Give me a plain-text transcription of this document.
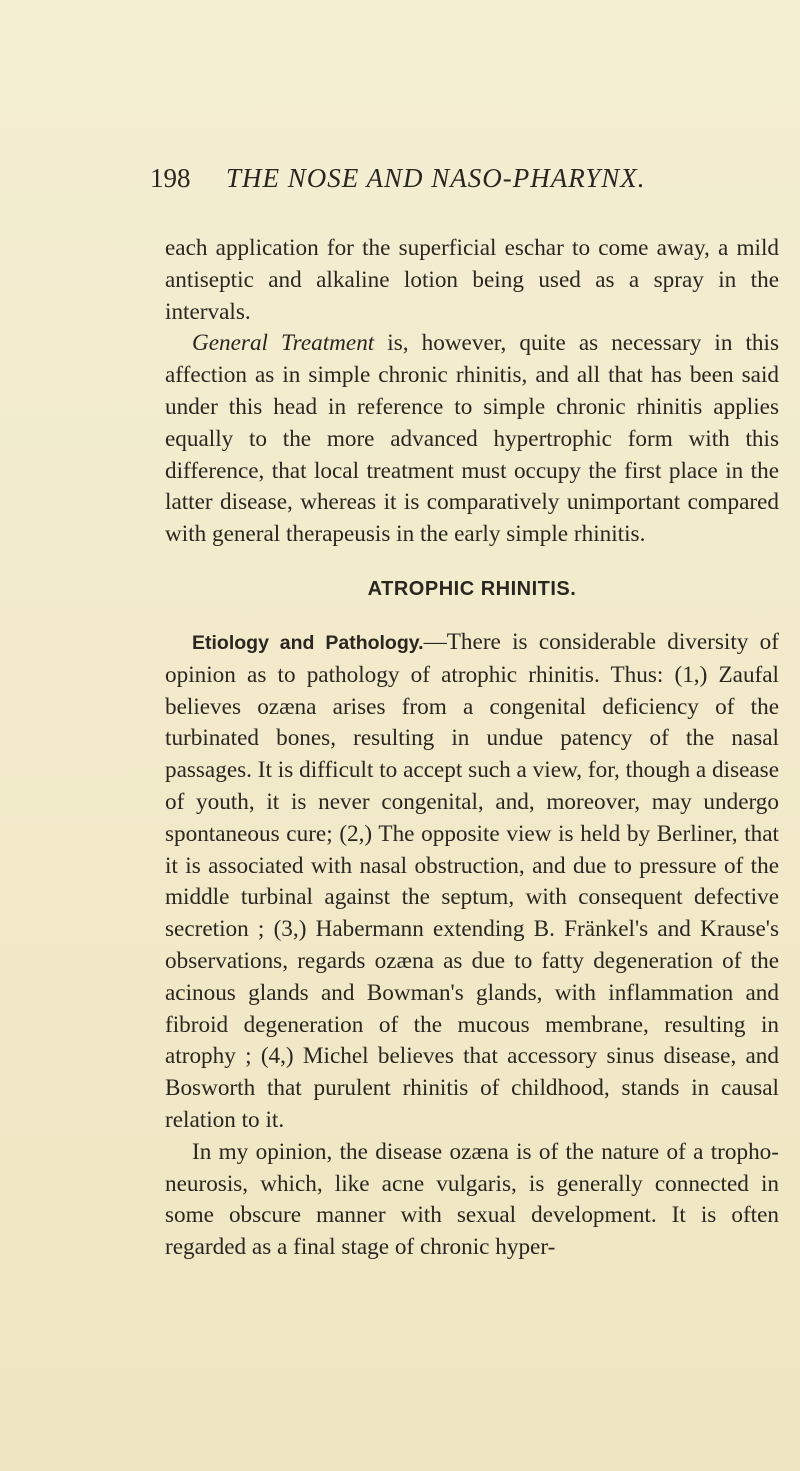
198 THE NOSE AND NASO-PHARYNX.

each application for the superficial eschar to come away, a mild antiseptic and alkaline lotion being used as a spray in the intervals.

General Treatment is, however, quite as necessary in this affection as in simple chronic rhinitis, and all that has been said under this head in reference to simple chronic rhinitis applies equally to the more advanced hypertrophic form with this difference, that local treatment must occupy the first place in the latter disease, whereas it is comparatively unimportant compared with general therapeusis in the early simple rhinitis.

ATROPHIC RHINITIS.

Etiology and Pathology.—There is considerable diversity of opinion as to pathology of atrophic rhinitis. Thus: (1,) Zaufal believes ozæna arises from a congenital deficiency of the turbinated bones, resulting in undue patency of the nasal passages. It is difficult to accept such a view, for, though a disease of youth, it is never congenital, and, moreover, may undergo spontaneous cure; (2,) The opposite view is held by Berliner, that it is associated with nasal obstruction, and due to pressure of the middle turbinal against the septum, with consequent defective secretion ; (3,) Habermann extending B. Fränkel's and Krause's observations, regards ozæna as due to fatty degeneration of the acinous glands and Bowman's glands, with inflammation and fibroid degeneration of the mucous membrane, resulting in atrophy ; (4,) Michel believes that accessory sinus disease, and Bosworth that purulent rhinitis of childhood, stands in causal relation to it.

In my opinion, the disease ozæna is of the nature of a tropho-neurosis, which, like acne vulgaris, is generally connected in some obscure manner with sexual development. It is often regarded as a final stage of chronic hyper-
